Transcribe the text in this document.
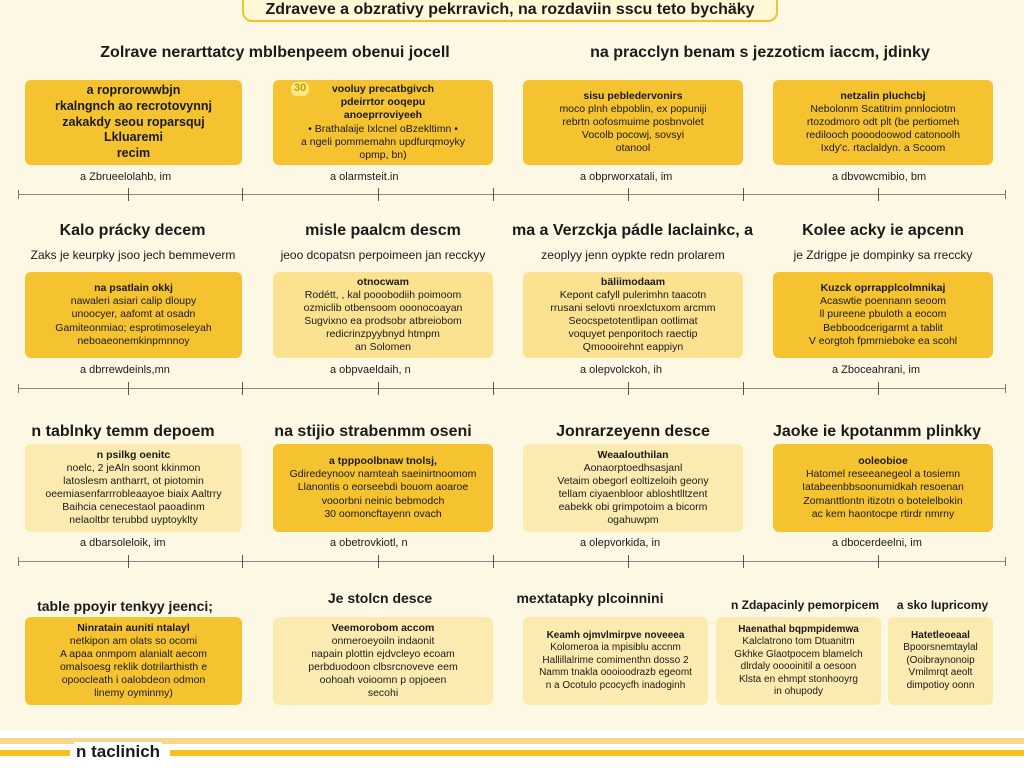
Zdraveve a obzrativy pekrravich, na rozdaviin sscu teto bychäky
Zolrave nerarttatcy mblbenpeem obenui jocell	na pracclyn benam s jezzoticm iaccm, jdinky

a roprorowwbjn

rkalngnch ao recrotovynnj

zakakdy seou roparsquj

Lkluaremi

recim

30 vooluy precatbgivch

pdeirrtor ooqepu

anoeprroviyeeh

• Brathalaije Ixlcnel oBzekltimn •

a ngeli pommemahn updfurqmoyky

opmp, bn)

sisu pebledervonirs

moco plnh ebpoblin, ex popuniji

rebrtn oofosmuime posbnvolet

Vocolb pocowj, sovsyi

otanool

netzalin pluchcbj

Nebolonm Scatitrim pnnlociotm

rtozodmoro odt plt (be pertiomeh

redilooch pooodoowod catonoolh

Ixdy'c. rtaclaldyn. a Scoom

a Zbrueelolahb, im	a olarmsteit.in	a obprworxatali, im	a dbvowcmibio, bm
Kalo prácky decem	misle paalcm descm	ma a Verzckja pádle laclainkc, a	Kolee acky ie apcenn
Zaks je keurpky jsoo jech bemmeverm	jeoo dcopatsn perpoimeen jan recckyy	zeoplyy jenn oypkte redn prolarem	je Zdrigpe je dompinky sa rreccky

na psatlain okkj

nawaleri asiari calip dloupy

unoocyer, aafomt at osadn

Gamiteonmiao; esprotimoseleyah

neboaeonemkinpmnnoy

otnocwam

Rodétt, , kal pooobodiih poimoom

ozmiclib otbensoom ooonocoayan

Sugvixno ea prodsobr atbreiobom

redicrinzpyybnyd htmpm

an Solomen

bäliimodaam

Kepont cafyll pulerimhn taacotn

rrusani selovti nroexlctuxom arcmm

Seocspetotentlipan ootlimat

voquyet penporitoch raectip

Qmoooirehnt eappiyn

Kuzck oprrapplcolmnikaj

Acaswtie poennann seoom

ll pureene pbuloth a eocom

Bebboodcerigarmt a tablit

V eorgtoh fpmrnieboke ea scohl

a dbrrewdeinls,mn	a obpvaeldaih, n	a olepvolckoh, ih	a Zboceahrani, im
n tablnky temm depoem	na stijio strabenmm oseni	Jonrarzeyenn desce	Jaoke ie kpotanmm plinkky

n psilkg oenitc

noelc, 2 jeAln soont kkinmon

latoslesm antharrt, ot piotomin

oeemiasenfarrrobleaayoe biaix Aaltrry

Baihcia cenecestaol paoadinm

nelaoltbr terubbd uyptoyklty

a tpppoolbnaw tnolsj,

Gdiredeynoov namteah saeinirtnoomom

Llanontis o eorseebdi bouom aoaroe

vooorbni neinic bebmodch

30 oomoncftayenn ovach

Weaalouthilan

Aonaorptoedhsasjanl

Vetaim obegorl eoltizeloih geony

tellam ciyaenbloor abloshtlltzent

eabekk obi grimpotoim a bicorm

ogahuwpm

ooleobioe

Hatomel reseeanegeol a tosiemn

Iatabeenbbsoonumidkah resoenan

Zomanttlontn itizotn o botelelbokin

ac kem haontocpe rtirdr nmrny

a dbarsoleloik, im	a obetrovkiotl, n	a olepvorkida, in	a dbocerdeelni, im
table ppoyir tenkyy jeenci;	Je stolcn desce	mextatapky plcoinnini	n Zdapacinly pemorpicem	a sko Iupricomy

Ninratain auniti ntalayl

netkipon am olats so ocomi

A apaa onmpom alanialt aecom

omalsoesg reklik dotrilarthisth e

opoocleath i oalobdeon odmon

linemy oyminmy)

Veemorobom accom

onmeroeyoiln indaonit

napain plottin ejdvcleyo ecoam

perbduodoon clbsrcnoveve eem

oohoah voioomn p opjoeen

secohi

Keamh ojmvlmirpve noveeea

Kolomeroa ia mpisiblu accnm

Hallillalrime comimenthn dosso 2

Namm tnakla oooioodrazb egeomt

n a Ocotulo pcocycfh inadoginh

Haenathal bqpmpidemwa

Kalclatrono tom Dtuanitm

Gkhke Glaotpocem blamelch

dlrdaly ooooinitil a oesoon

Klsta en ehmpt stonhooyrg

in ohupody

Hatetleoeaal

Bpoorsnemtaylal

(Ooibraynonoip

Vmilmrqt aeolt

dimpotioy oonn

n taclinich
